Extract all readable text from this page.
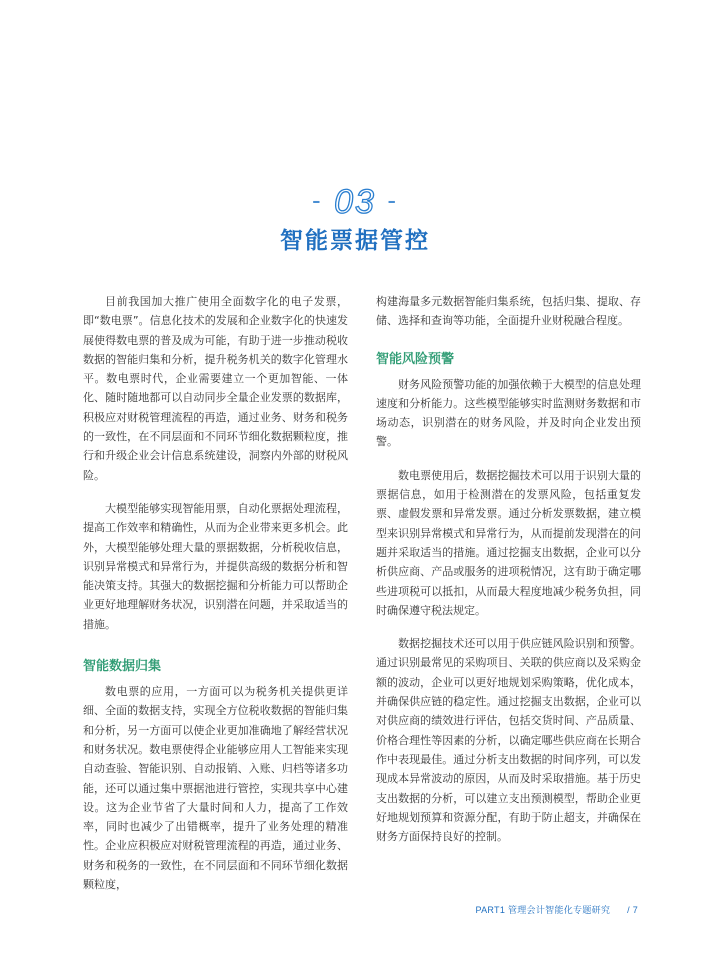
- 03 -
智能票据管控

目前我国加大推广使用全面数字化的电子发票，即“数电票”。信息化技术的发展和企业数字化的快速发展使得数电票的普及成为可能，有助于进一步推动税收数据的智能归集和分析，提升税务机关的数字化管理水平。数电票时代，企业需要建立一个更加智能、一体化、随时随地都可以自动同步全量企业发票的数据库，积极应对财税管理流程的再造，通过业务、财务和税务的一致性，在不同层面和不同环节细化数据颗粒度，推行和升级企业会计信息系统建设，洞察内外部的财税风险。

大模型能够实现智能用票，自动化票据处理流程，提高工作效率和精确性，从而为企业带来更多机会。此外，大模型能够处理大量的票据数据，分析税收信息，识别异常模式和异常行为，并提供高级的数据分析和智能决策支持。其强大的数据挖掘和分析能力可以帮助企业更好地理解财务状况，识别潜在问题，并采取适当的措施。

智能数据归集

数电票的应用，一方面可以为税务机关提供更详细、全面的数据支持，实现全方位税收数据的智能归集和分析，另一方面可以使企业更加准确地了解经营状况和财务状况。数电票使得企业能够应用人工智能来实现自动查验、智能识别、自动报销、入账、归档等诸多功能，还可以通过集中票据池进行管控，实现共享中心建设。这为企业节省了大量时间和人力，提高了工作效率，同时也减少了出错概率，提升了业务处理的精准性。企业应积极应对财税管理流程的再造，通过业务、财务和税务的一致性，在不同层面和不同环节细化数据颗粒度，

构建海量多元数据智能归集系统，包括归集、提取、存储、选择和查询等功能，全面提升业财税融合程度。

智能风险预警

财务风险预警功能的加强依赖于大模型的信息处理速度和分析能力。这些模型能够实时监测财务数据和市场动态，识别潜在的财务风险，并及时向企业发出预警。

数电票使用后，数据挖掘技术可以用于识别大量的票据信息，如用于检测潜在的发票风险，包括重复发票、虚假发票和异常发票。通过分析发票数据，建立模型来识别异常模式和异常行为，从而提前发现潜在的问题并采取适当的措施。通过挖掘支出数据，企业可以分析供应商、产品或服务的进项税情况，这有助于确定哪些进项税可以抵扣，从而最大程度地减少税务负担，同时确保遵守税法规定。

数据挖掘技术还可以用于供应链风险识别和预警。通过识别最常见的采购项目、关联的供应商以及采购金额的波动，企业可以更好地规划采购策略，优化成本，并确保供应链的稳定性。通过挖掘支出数据，企业可以对供应商的绩效进行评估，包括交货时间、产品质量、价格合理性等因素的分析，以确定哪些供应商在长期合作中表现最佳。通过分析支出数据的时间序列，可以发现成本异常波动的原因，从而及时采取措施。基于历史支出数据的分析，可以建立支出预测模型，帮助企业更好地规划预算和资源分配，有助于防止超支，并确保在财务方面保持良好的控制。

PART1 管理会计智能化专题研究 / 7
